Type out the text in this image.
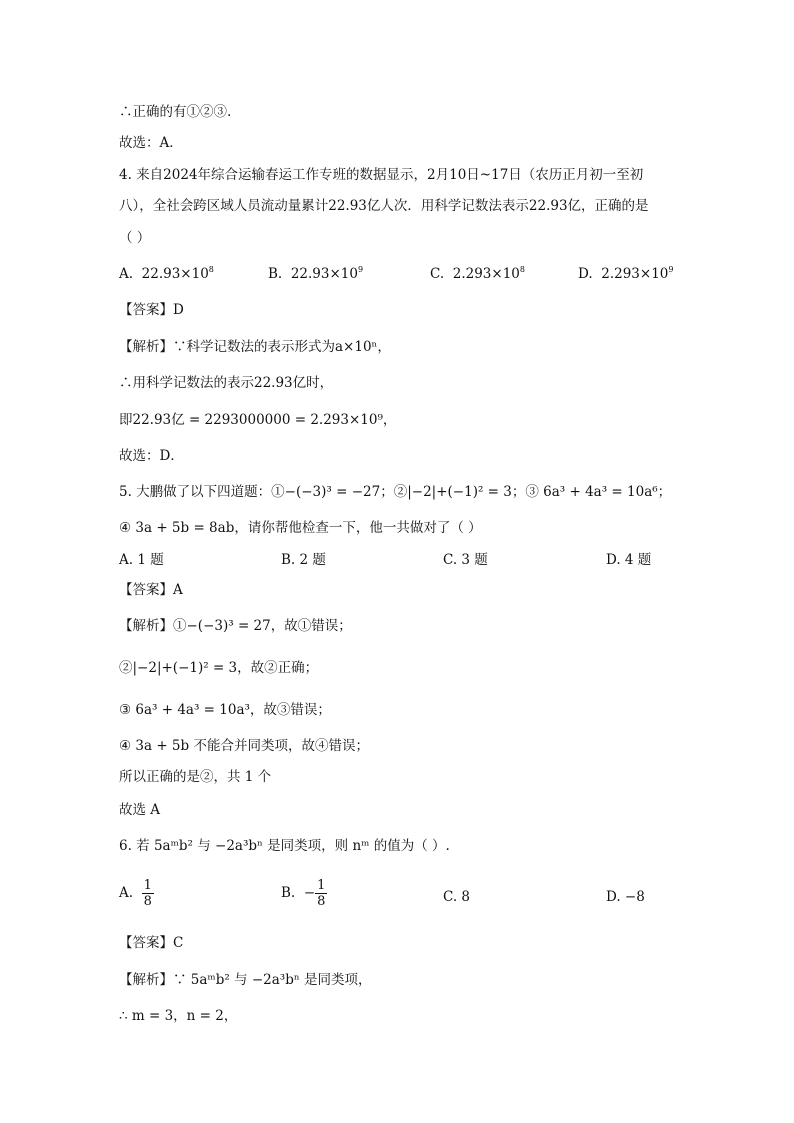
∴正确的有①②③.
故选：A．
4. 来自2024年综合运输春运工作专班的数据显示，2月10日~17日（农历正月初一至初
八），全社会跨区域人员流动量累计22.93亿人次．用科学记数法表示22.93亿，正确的是
（ ）
A. $22.93\times 10^8$	B. $22.93\times 10^9$	C. $2.293\times 10^8$	D. $2.293\times 10^9$
【答案】D
【解析】∵科学记数法的表示形式为a×10ⁿ，
∴用科学记数法的表示22.93亿时，
即22.93亿 = 2293000000 = 2.293×10⁹，
故选：D．
5. 大鹏做了以下四道题：①−(−3)³ = −27；②|−2|+(−1)² = 3；③ 6a³ + 4a³ = 10a⁶；
④ 3a + 5b = 8ab，请你帮他检查一下，他一共做对了（ ）
A. 1 题	B. 2 题	C. 3 题	D. 4 题
【答案】A
【解析】①−(−3)³ = 27，故①错误；
②|−2|+(−1)² = 3，故②正确；
③ 6a³ + 4a³ = 10a³，故③错误；
④ 3a + 5b 不能合并同类项，故④错误；
所以正确的是②，共 1 个
故选 A
6. 若 5aᵐb² 与 −2a³bⁿ 是同类项，则 nᵐ 的值为（ ）.
A. $\frac{1}{8}$	B. − $\frac{1}{8}$	C. 8	D. −8
【答案】C
【解析】∵ 5aᵐb² 与 −2a³bⁿ 是同类项，
∴ m = 3，n = 2，
